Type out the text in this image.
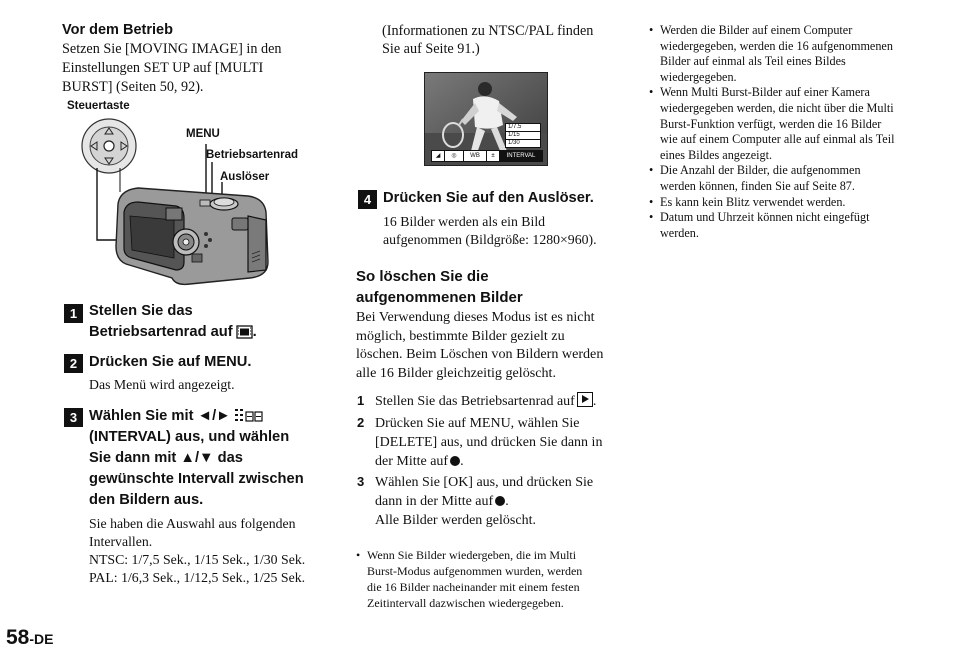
Vor dem Betrieb
Setzen Sie [MOVING IMAGE] in den
Einstellungen SET UP auf [MULTI
BURST] (Seiten 50, 92).
Steuertaste
MENU
Betriebsartenrad
Auslöser
1 Stellen Sie das
Betriebsartenrad auf .
2 Drücken Sie auf MENU.
Das Menü wird angezeigt.
3 Wählen Sie mit ◄/►
(INTERVAL) aus, und wählen
Sie dann mit ▲/▼ das
gewünschte Intervall zwischen
den Bildern aus.
Sie haben die Auswahl aus folgenden
Intervallen.
NTSC: 1/7,5 Sek., 1/15 Sek., 1/30 Sek.
PAL: 1/6,3 Sek., 1/12,5 Sek., 1/25 Sek.
58-DE
(Informationen zu NTSC/PAL finden
Sie auf Seite 91.)
1/7.5
1/15
1/30
◢	◎	WB	±	INTERVAL
4 Drücken Sie auf den Auslöser.
16 Bilder werden als ein Bild
aufgenommen (Bildgröße: 1280×960).
So löschen Sie die
aufgenommenen Bilder
Bei Verwendung dieses Modus ist es nicht
möglich, bestimmte Bilder gezielt zu
löschen. Beim Löschen von Bildern werden
alle 16 Bilder gleichzeitig gelöscht.
1 Stellen Sie das Betriebsartenrad auf .
2 Drücken Sie auf MENU, wählen Sie
[DELETE] aus, und drücken Sie dann in
der Mitte auf .
3 Wählen Sie [OK] aus, und drücken Sie
dann in der Mitte auf .
Alle Bilder werden gelöscht.
• Wenn Sie Bilder wiedergeben, die im Multi
Burst-Modus aufgenommen wurden, werden
die 16 Bilder nacheinander mit einem festen
Zeitintervall dazwischen wiedergegeben.
• Werden die Bilder auf einem Computer
wiedergegeben, werden die 16 aufgenommenen
Bilder auf einmal als Teil eines Bildes
wiedergegeben.
• Wenn Multi Burst-Bilder auf einer Kamera
wiedergegeben werden, die nicht über die Multi
Burst-Funktion verfügt, werden die 16 Bilder
wie auf einem Computer alle auf einmal als Teil
eines Bildes angezeigt.
• Die Anzahl der Bilder, die aufgenommen
werden können, finden Sie auf Seite 87.
• Es kann kein Blitz verwendet werden.
• Datum und Uhrzeit können nicht eingefügt
werden.
